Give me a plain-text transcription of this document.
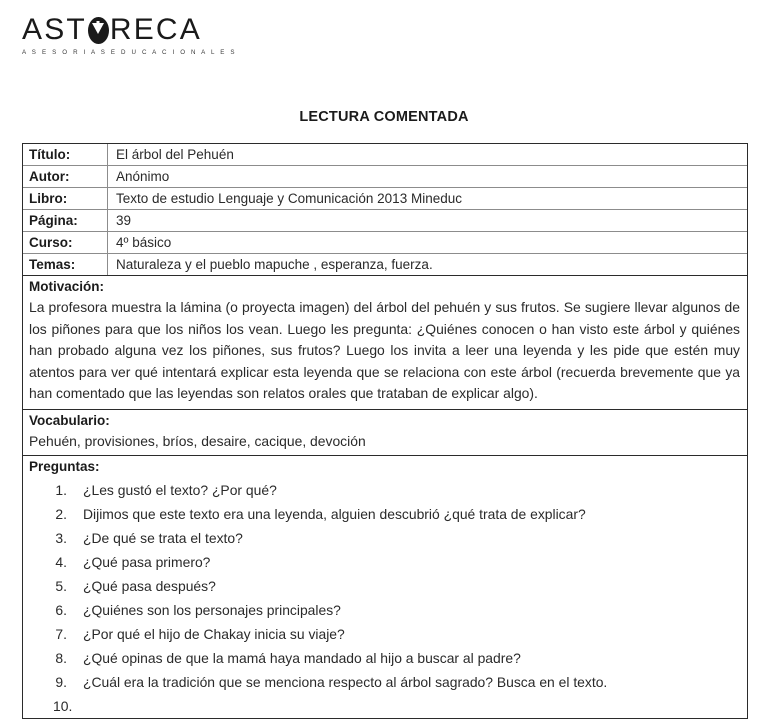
AST RECA
A S E S O R I A S E D U C A C I O N A L E S
LECTURA COMENTADA
Título:	El árbol del Pehuén
Autor:	Anónimo
Libro:	Texto de estudio Lenguaje y Comunicación 2013 Mineduc
Página:	39
Curso:	4º básico
Temas:	Naturaleza y el pueblo mapuche , esperanza, fuerza.
Motivación:
La profesora muestra la lámina (o proyecta imagen) del árbol del pehuén y sus frutos. Se sugiere llevar algunos de los piñones para que los niños los vean. Luego les pregunta: ¿Quiénes conocen o han visto este árbol y quiénes han probado alguna vez los piñones, sus frutos? Luego los invita a leer una leyenda y les pide que estén muy atentos para ver qué intentará explicar esta leyenda que se relaciona con este árbol (recuerda brevemente que ya han comentado que las leyendas son relatos orales que trataban de explicar algo).
Vocabulario:
Pehuén, provisiones, bríos, desaire, cacique, devoción
Preguntas:
1.	¿Les gustó el texto? ¿Por qué?
2.	Dijimos que este texto era una leyenda, alguien descubrió ¿qué trata de explicar?
3.	¿De qué se trata el texto?
4.	¿Qué pasa primero?
5.	¿Qué pasa después?
6.	¿Quiénes son los personajes principales?
7.	¿Por qué el hijo de Chakay inicia su viaje?
8.	¿Qué opinas de que la mamá haya mandado al hijo a buscar al padre?
9.	¿Cuál era la tradición que se menciona respecto al árbol sagrado? Busca en el texto.
10.
